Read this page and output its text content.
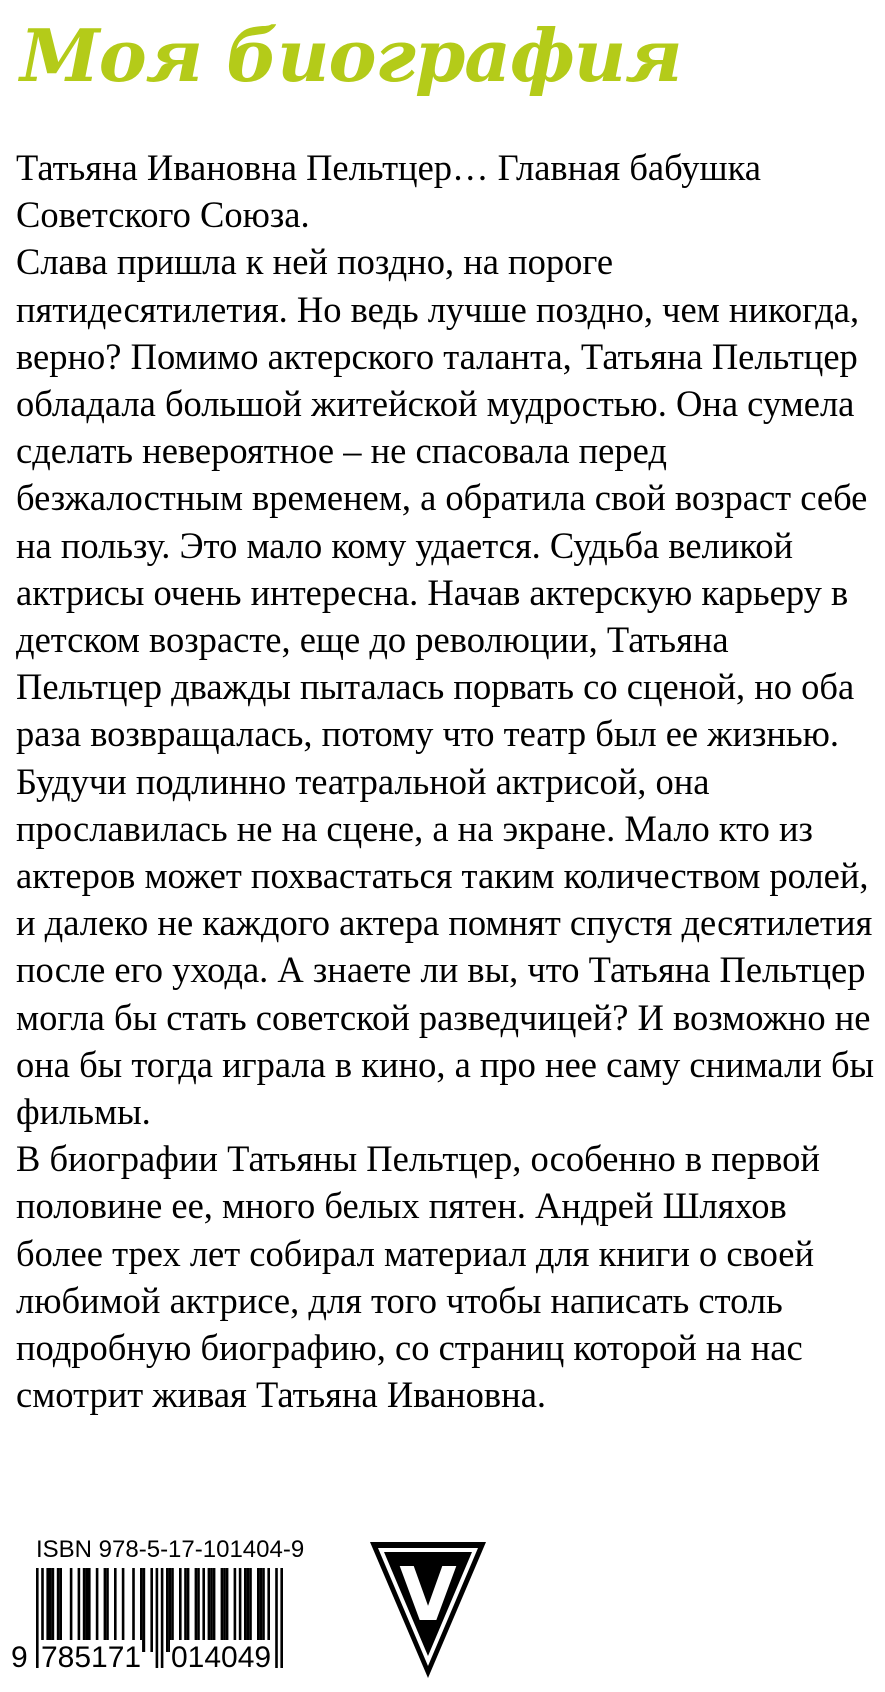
Моя биография

Татьяна Ивановна Пельтцер… Главная бабушка Советского Союза.

Слава пришла к ней поздно, на пороге пятидесятилетия. Но ведь лучше поздно, чем никогда, верно? Помимо актерского таланта, Татьяна Пельтцер обладала большой житейской мудростью. Она сумела сделать невероятное – не спасовала перед безжалостным временем, а обратила свой возраст себе на пользу. Это мало кому удается. Судьба великой актрисы очень интересна. Начав актерскую карьеру в детском возрасте, еще до революции, Татьяна Пельтцер дважды пыталась порвать со сценой, но оба раза возвращалась, потому что театр был ее жизнью. Будучи подлинно театральной актрисой, она прославилась не на сцене, а на экране. Мало кто из актеров может похвастаться таким количеством ролей, и далеко не каждого актера помнят спустя десятилетия после его ухода. А знаете ли вы, что Татьяна Пельтцер могла бы стать советской разведчицей? И возможно не она бы тогда играла в кино, а про нее саму снимали бы фильмы.

В биографии Татьяны Пельтцер, особенно в первой половине ее, много белых пятен. Андрей Шляхов более трех лет собирал материал для книги о своей любимой актрисе, для того чтобы написать столь подробную биографию, со страниц которой на нас смотрит живая Татьяна Ивановна.

ISBN 978-5-17-101404-9
9 785171 014049
V
